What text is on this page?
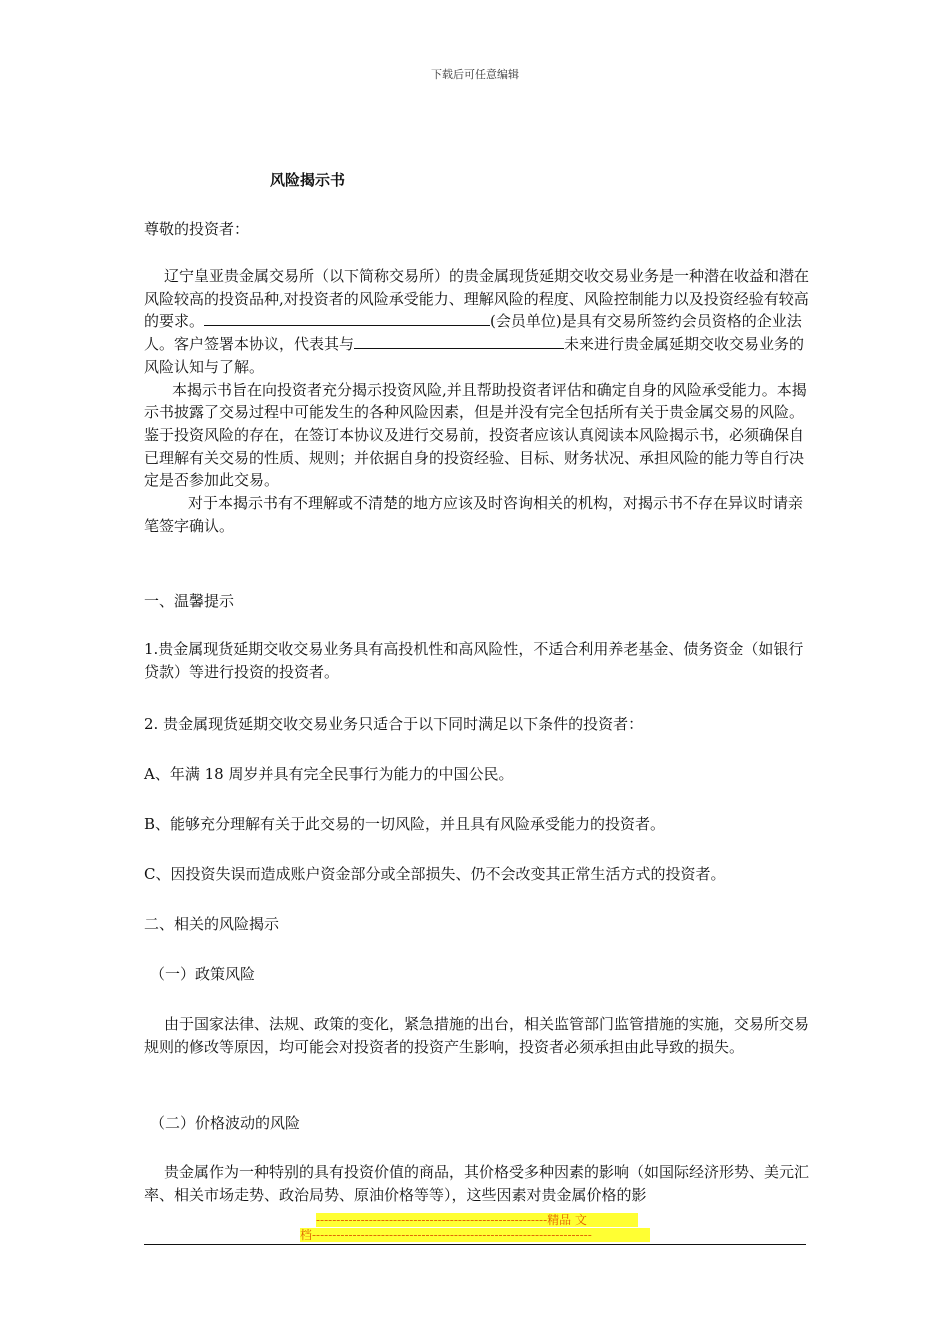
下载后可任意编辑
风险揭示书

尊敬的投资者：

辽宁皇亚贵金属交易所（以下简称交易所）的贵金属现货延期交收交易业务是一种潜在收益和潜在风险较高的投资品种,对投资者的风险承受能力、理解风险的程度、风险控制能力以及投资经验有较高的要求。	(会员单位)是具有交易所签约会员资格的企业法人。客户签署本协议，代表其与	未来进行贵金属延期交收交易业务的风险认知与了解。

本揭示书旨在向投资者充分揭示投资风险,并且帮助投资者评估和确定自身的风险承受能力。本揭示书披露了交易过程中可能发生的各种风险因素，但是并没有完全包括所有关于贵金属交易的风险。鉴于投资风险的存在，在签订本协议及进行交易前，投资者应该认真阅读本风险揭示书，必须确保自已理解有关交易的性质、规则；并依据自身的投资经验、目标、财务状况、承担风险的能力等自行决定是否参加此交易。

对于本揭示书有不理解或不清楚的地方应该及时咨询相关的机构，对揭示书不存在异议时请亲笔签字确认。

一、温馨提示
1.贵金属现货延期交收交易业务具有高投机性和高风险性，不适合利用养老基金、债务资金（如银行贷款）等进行投资的投资者。
2. 贵金属现货延期交收交易业务只适合于以下同时满足以下条件的投资者：
A、年满 18 周岁并具有完全民事行为能力的中国公民。
B、能够充分理解有关于此交易的一切风险，并且具有风险承受能力的投资者。
C、因投资失误而造成账户资金部分或全部损失、仍不会改变其正常生活方式的投资者。
二、相关的风险揭示
（一）政策风险

由于国家法律、法规、政策的变化，紧急措施的出台，相关监管部门监管措施的实施，交易所交易规则的修改等原因，均可能会对投资者的投资产生影响，投资者必须承担由此导致的损失。

（二）价格波动的风险

贵金属作为一种特别的具有投资价值的商品，其价格受多种因素的影响（如国际经济形势、美元汇率、相关市场走势、政治局势、原油价格等等），这些因素对贵金属价格的影

---------------------------------------------------------精品 文
档---------------------------------------------------------------------
